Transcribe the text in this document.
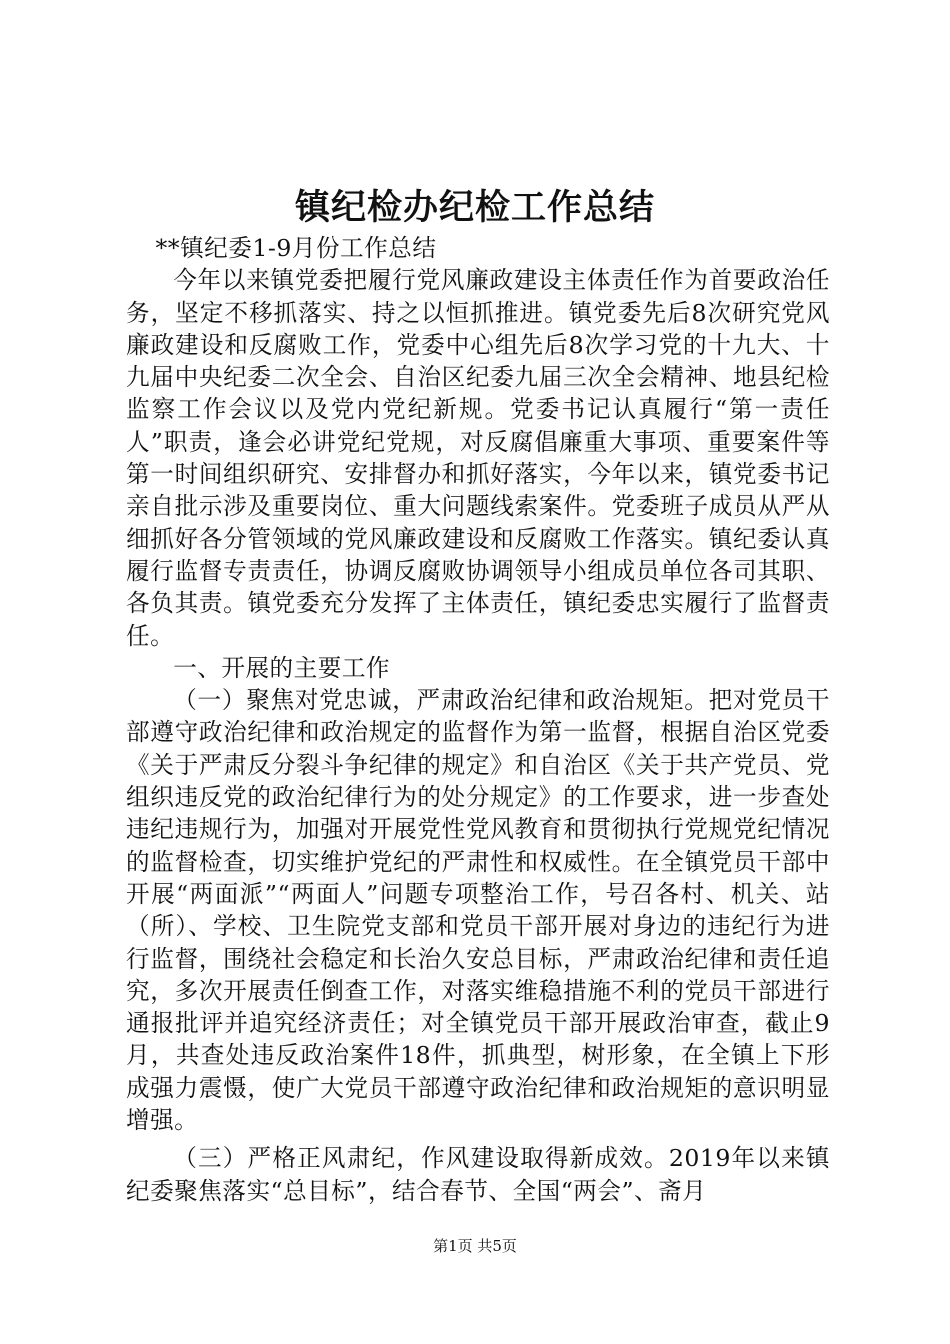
镇纪检办纪检工作总结

**镇纪委1-9月份工作总结

今年以来镇党委把履行党风廉政建设主体责任作为首要政治任务，坚定不移抓落实、持之以恒抓推进。镇党委先后8次研究党风廉政建设和反腐败工作，党委中心组先后8次学习党的十九大、十九届中央纪委二次全会、自治区纪委九届三次全会精神、地县纪检监察工作会议以及党内党纪新规。党委书记认真履行“第一责任人”职责，逢会必讲党纪党规，对反腐倡廉重大事项、重要案件等第一时间组织研究、安排督办和抓好落实，今年以来，镇党委书记亲自批示涉及重要岗位、重大问题线索案件。党委班子成员从严从细抓好各分管领域的党风廉政建设和反腐败工作落实。镇纪委认真履行监督专责责任，协调反腐败协调领导小组成员单位各司其职、各负其责。镇党委充分发挥了主体责任，镇纪委忠实履行了监督责任。

一、开展的主要工作

（一）聚焦对党忠诚，严肃政治纪律和政治规矩。把对党员干部遵守政治纪律和政治规定的监督作为第一监督，根据自治区党委《关于严肃反分裂斗争纪律的规定》和自治区《关于共产党员、党组织违反党的政治纪律行为的处分规定》的工作要求，进一步查处违纪违规行为，加强对开展党性党风教育和贯彻执行党规党纪情况的监督检查，切实维护党纪的严肃性和权威性。在全镇党员干部中开展“两面派”“两面人”问题专项整治工作，号召各村、机关、站（所）、学校、卫生院党支部和党员干部开展对身边的违纪行为进行监督，围绕社会稳定和长治久安总目标，严肃政治纪律和责任追究，多次开展责任倒查工作，对落实维稳措施不利的党员干部进行通报批评并追究经济责任；对全镇党员干部开展政治审查，截止9月，共查处违反政治案件18件，抓典型，树形象，在全镇上下形成强力震慑，使广大党员干部遵守政治纪律和政治规矩的意识明显增强。

（三）严格正风肃纪，作风建设取得新成效。2019年以来镇纪委聚焦落实“总目标”，结合春节、全国“两会”、斋月

第1页 共5页
